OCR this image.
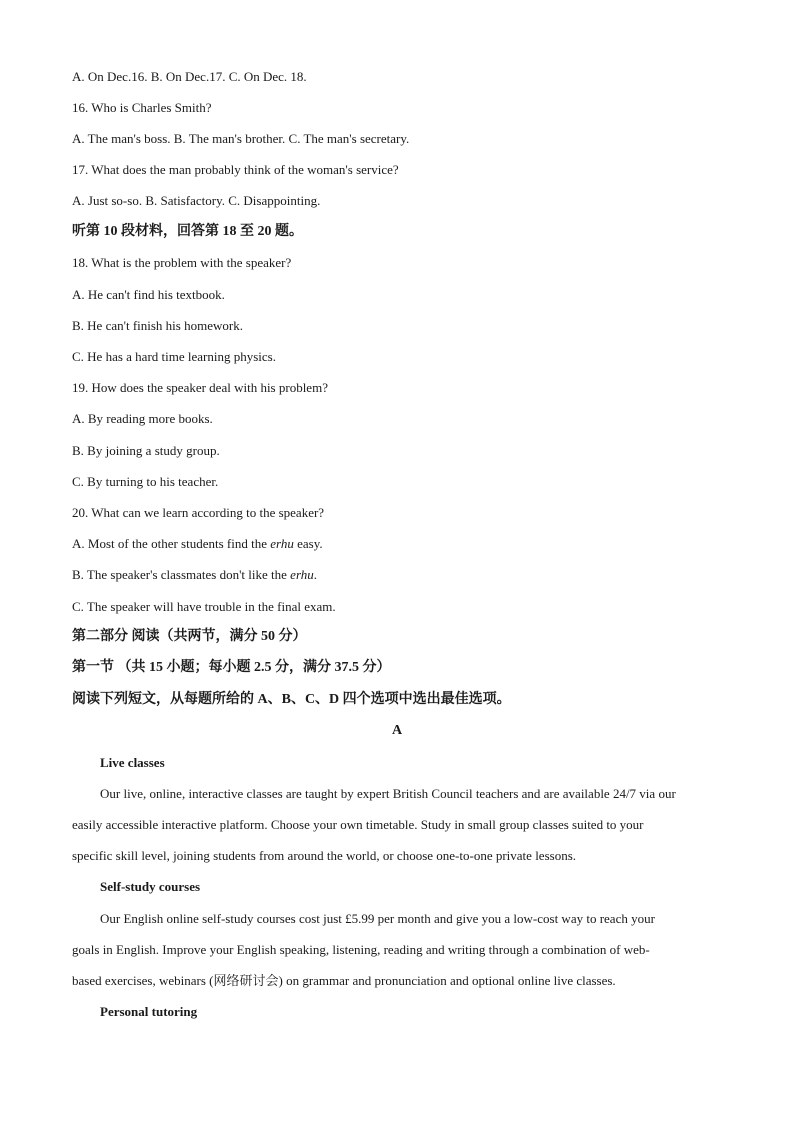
A. On Dec.16. B. On Dec.17. C. On Dec. 18.
16. Who is Charles Smith?
A. The man's boss. B. The man's brother. C. The man's secretary.
17. What does the man probably think of the woman's service?
A. Just so-so. B. Satisfactory. C. Disappointing.
听第 10 段材料，回答第 18 至 20 题。
18. What is the problem with the speaker?
A. He can't find his textbook.
B. He can't finish his homework.
C. He has a hard time learning physics.
19. How does the speaker deal with his problem?
A. By reading more books.
B. By joining a study group.
C. By turning to his teacher.
20. What can we learn according to the speaker?
A. Most of the other students find the erhu easy.
B. The speaker's classmates don't like the erhu.
C. The speaker will have trouble in the final exam.
第二部分 阅读（共两节，满分 50 分）
第一节 （共 15 小题；每小题 2.5 分，满分 37.5 分）
阅读下列短文，从每题所给的 A、B、C、D 四个选项中选出最佳选项。
A
Live classes
Our live, online, interactive classes are taught by expert British Council teachers and are available 24/7 via our
easily accessible interactive platform. Choose your own timetable. Study in small group classes suited to your
specific skill level, joining students from around the world, or choose one-to-one private lessons.
Self-study courses
Our English online self-study courses cost just £5.99 per month and give you a low-cost way to reach your
goals in English. Improve your English speaking, listening, reading and writing through a combination of web-
based exercises, webinars (网络研讨会) on grammar and pronunciation and optional online live classes.
Personal tutoring
